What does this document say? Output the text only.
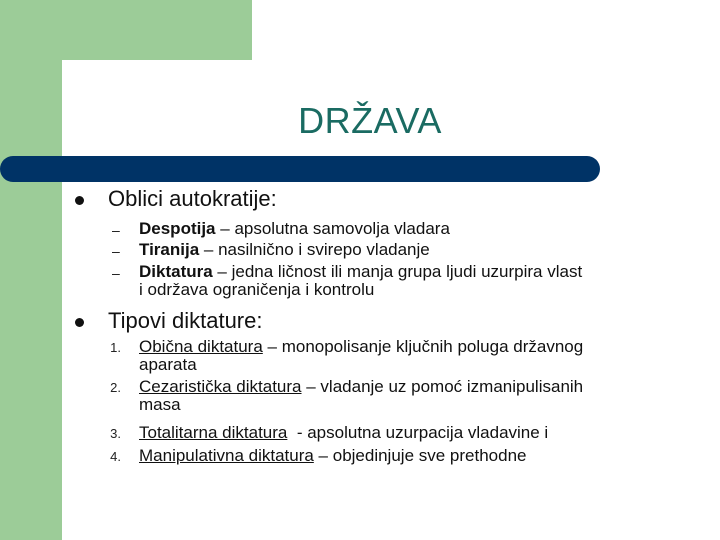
DRŽAVA
Oblici autokratije:
– Despotija – apsolutna samovolja vladara
– Tiranija – nasilnično i svirepo vladanje
– Diktatura – jedna ličnost ili manja grupa ljudi uzurpira vlast
i održava ograničenja i kontrolu
Tipovi diktature:
1. Obična diktatura – monopolisanje ključnih poluga državnog
aparata
2. Cezaristička diktatura – vladanje uz pomoć izmanipulisanih
masa
3. Totalitarna diktatura  - apsolutna uzurpacija vladavine i
4. Manipulativna diktatura – objedinjuje sve prethodne
